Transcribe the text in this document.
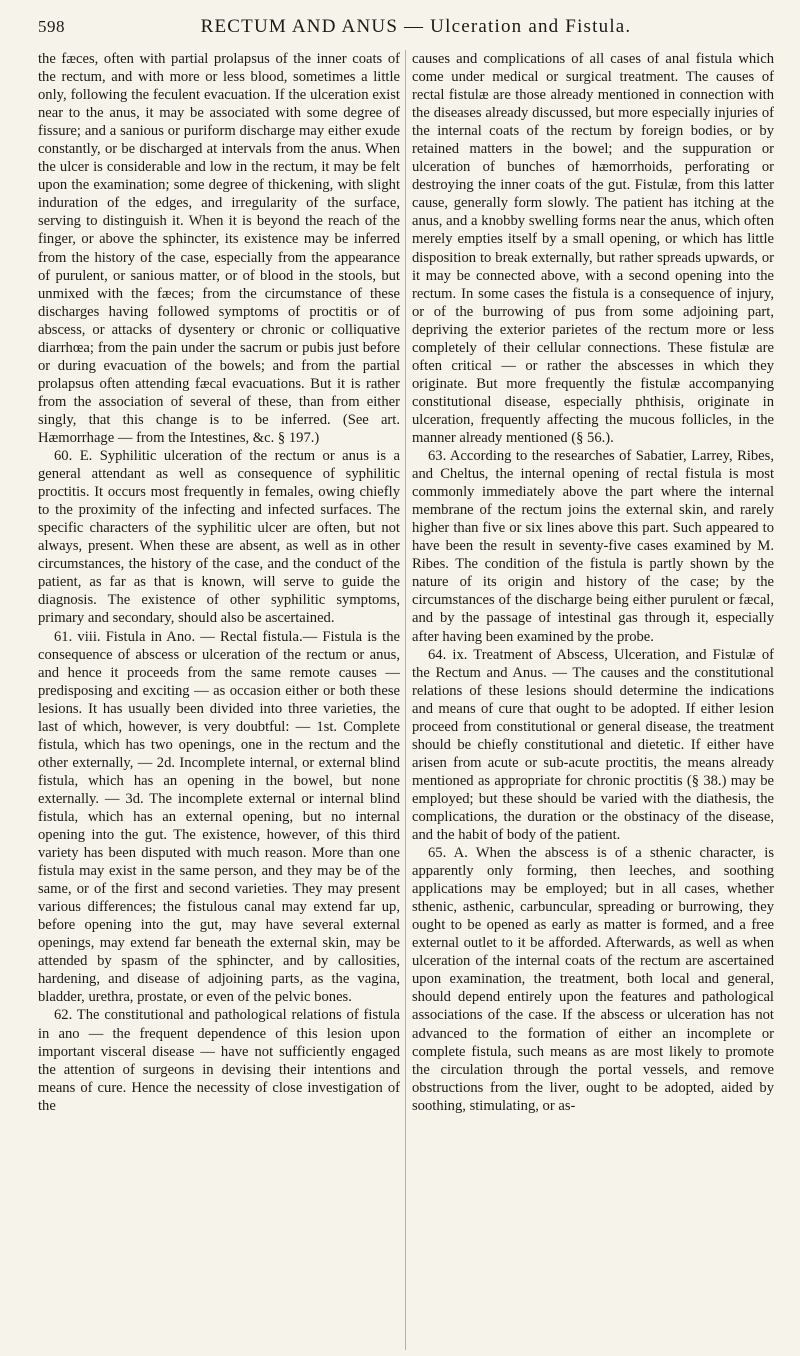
598	RECTUM AND ANUS — Ulceration and Fistula.

the fæces, often with partial prolapsus of the inner coats of the rectum, and with more or less blood, sometimes a little only, following the feculent evacuation. If the ulceration exist near to the anus, it may be associated with some degree of fissure; and a sanious or puriform discharge may either exude constantly, or be discharged at intervals from the anus. When the ulcer is considerable and low in the rectum, it may be felt upon the examination; some degree of thickening, with slight induration of the edges, and irregularity of the surface, serving to distinguish it. When it is beyond the reach of the finger, or above the sphincter, its existence may be inferred from the history of the case, especially from the appearance of purulent, or sanious matter, or of blood in the stools, but unmixed with the fæces; from the circumstance of these discharges having followed symptoms of proctitis or of abscess, or attacks of dysentery or chronic or colliquative diarrhœa; from the pain under the sacrum or pubis just before or during evacuation of the bowels; and from the partial prolapsus often attending fæcal evacuations. But it is rather from the association of several of these, than from either singly, that this change is to be inferred. (See art. Hæmorrhage — from the Intestines, &c. § 197.)

60. E. Syphilitic ulceration of the rectum or anus is a general attendant as well as consequence of syphilitic proctitis. It occurs most frequently in females, owing chiefly to the proximity of the infecting and infected surfaces. The specific characters of the syphilitic ulcer are often, but not always, present. When these are absent, as well as in other circumstances, the history of the case, and the conduct of the patient, as far as that is known, will serve to guide the diagnosis. The existence of other syphilitic symptoms, primary and secondary, should also be ascertained.

61. viii. Fistula in Ano. — Rectal fistula.— Fistula is the consequence of abscess or ulceration of the rectum or anus, and hence it proceeds from the same remote causes — predisposing and exciting — as occasion either or both these lesions. It has usually been divided into three varieties, the last of which, however, is very doubtful: — 1st. Complete fistula, which has two openings, one in the rectum and the other externally, — 2d. Incomplete internal, or external blind fistula, which has an opening in the bowel, but none externally. — 3d. The incomplete external or internal blind fistula, which has an external opening, but no internal opening into the gut. The existence, however, of this third variety has been disputed with much reason. More than one fistula may exist in the same person, and they may be of the same, or of the first and second varieties. They may present various differences; the fistulous canal may extend far up, before opening into the gut, may have several external openings, may extend far beneath the external skin, may be attended by spasm of the sphincter, and by callosities, hardening, and disease of adjoining parts, as the vagina, bladder, urethra, prostate, or even of the pelvic bones.

62. The constitutional and pathological relations of fistula in ano — the frequent dependence of this lesion upon important visceral disease — have not sufficiently engaged the attention of surgeons in devising their intentions and means of cure. Hence the necessity of close investigation of the

causes and complications of all cases of anal fistula which come under medical or surgical treatment. The causes of rectal fistulæ are those already mentioned in connection with the diseases already discussed, but more especially injuries of the internal coats of the rectum by foreign bodies, or by retained matters in the bowel; and the suppuration or ulceration of bunches of hæmorrhoids, perforating or destroying the inner coats of the gut. Fistulæ, from this latter cause, generally form slowly. The patient has itching at the anus, and a knobby swelling forms near the anus, which often merely empties itself by a small opening, or which has little disposition to break externally, but rather spreads upwards, or it may be connected above, with a second opening into the rectum. In some cases the fistula is a consequence of injury, or of the burrowing of pus from some adjoining part, depriving the exterior parietes of the rectum more or less completely of their cellular connections. These fistulæ are often critical — or rather the abscesses in which they originate. But more frequently the fistulæ accompanying constitutional disease, especially phthisis, originate in ulceration, frequently affecting the mucous follicles, in the manner already mentioned (§ 56.).

63. According to the researches of Sabatier, Larrey, Ribes, and Cheltus, the internal opening of rectal fistula is most commonly immediately above the part where the internal membrane of the rectum joins the external skin, and rarely higher than five or six lines above this part. Such appeared to have been the result in seventy-five cases examined by M. Ribes. The condition of the fistula is partly shown by the nature of its origin and history of the case; by the circumstances of the discharge being either purulent or fæcal, and by the passage of intestinal gas through it, especially after having been examined by the probe.

64. ix. Treatment of Abscess, Ulceration, and Fistulæ of the Rectum and Anus. — The causes and the constitutional relations of these lesions should determine the indications and means of cure that ought to be adopted. If either lesion proceed from constitutional or general disease, the treatment should be chiefly constitutional and dietetic. If either have arisen from acute or sub-acute proctitis, the means already mentioned as appropriate for chronic proctitis (§ 38.) may be employed; but these should be varied with the diathesis, the complications, the duration or the obstinacy of the disease, and the habit of body of the patient.

65. A. When the abscess is of a sthenic character, is apparently only forming, then leeches, and soothing applications may be employed; but in all cases, whether sthenic, asthenic, carbuncular, spreading or burrowing, they ought to be opened as early as matter is formed, and a free external outlet to it be afforded. Afterwards, as well as when ulceration of the internal coats of the rectum are ascertained upon examination, the treatment, both local and general, should depend entirely upon the features and pathological associations of the case. If the abscess or ulceration has not advanced to the formation of either an incomplete or complete fistula, such means as are most likely to promote the circulation through the portal vessels, and remove obstructions from the liver, ought to be adopted, aided by soothing, stimulating, or as-
